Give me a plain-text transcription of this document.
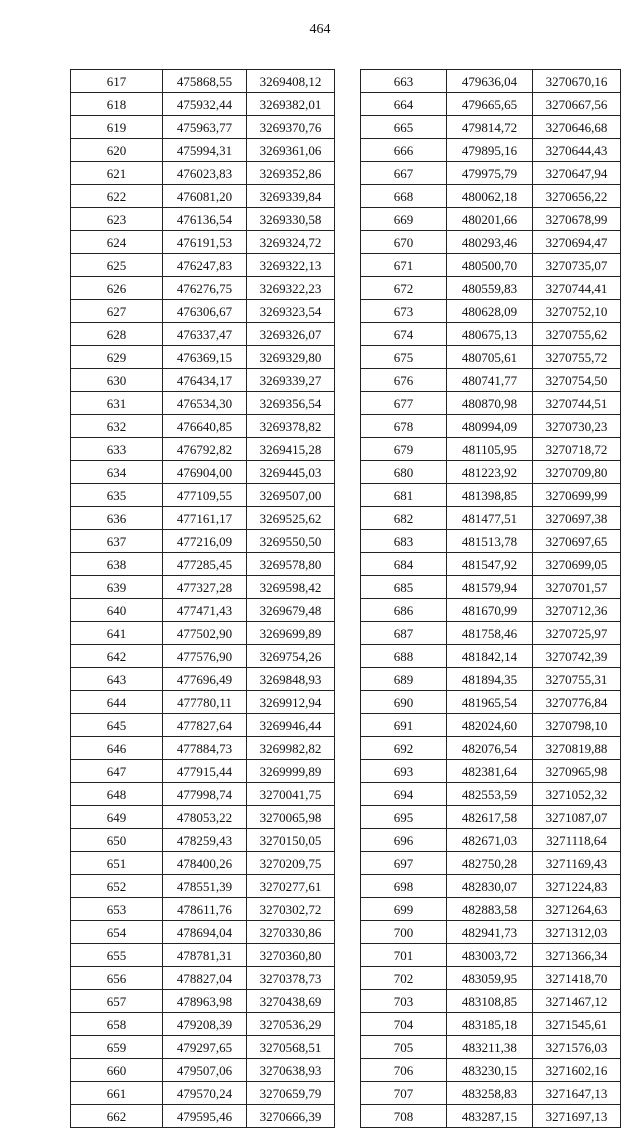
464
617	475868,55	3269408,12
618	475932,44	3269382,01
619	475963,77	3269370,76
620	475994,31	3269361,06
621	476023,83	3269352,86
622	476081,20	3269339,84
623	476136,54	3269330,58
624	476191,53	3269324,72
625	476247,83	3269322,13
626	476276,75	3269322,23
627	476306,67	3269323,54
628	476337,47	3269326,07
629	476369,15	3269329,80
630	476434,17	3269339,27
631	476534,30	3269356,54
632	476640,85	3269378,82
633	476792,82	3269415,28
634	476904,00	3269445,03
635	477109,55	3269507,00
636	477161,17	3269525,62
637	477216,09	3269550,50
638	477285,45	3269578,80
639	477327,28	3269598,42
640	477471,43	3269679,48
641	477502,90	3269699,89
642	477576,90	3269754,26
643	477696,49	3269848,93
644	477780,11	3269912,94
645	477827,64	3269946,44
646	477884,73	3269982,82
647	477915,44	3269999,89
648	477998,74	3270041,75
649	478053,22	3270065,98
650	478259,43	3270150,05
651	478400,26	3270209,75
652	478551,39	3270277,61
653	478611,76	3270302,72
654	478694,04	3270330,86
655	478781,31	3270360,80
656	478827,04	3270378,73
657	478963,98	3270438,69
658	479208,39	3270536,29
659	479297,65	3270568,51
660	479507,06	3270638,93
661	479570,24	3270659,79
662	479595,46	3270666,39
663	479636,04	3270670,16
664	479665,65	3270667,56
665	479814,72	3270646,68
666	479895,16	3270644,43
667	479975,79	3270647,94
668	480062,18	3270656,22
669	480201,66	3270678,99
670	480293,46	3270694,47
671	480500,70	3270735,07
672	480559,83	3270744,41
673	480628,09	3270752,10
674	480675,13	3270755,62
675	480705,61	3270755,72
676	480741,77	3270754,50
677	480870,98	3270744,51
678	480994,09	3270730,23
679	481105,95	3270718,72
680	481223,92	3270709,80
681	481398,85	3270699,99
682	481477,51	3270697,38
683	481513,78	3270697,65
684	481547,92	3270699,05
685	481579,94	3270701,57
686	481670,99	3270712,36
687	481758,46	3270725,97
688	481842,14	3270742,39
689	481894,35	3270755,31
690	481965,54	3270776,84
691	482024,60	3270798,10
692	482076,54	3270819,88
693	482381,64	3270965,98
694	482553,59	3271052,32
695	482617,58	3271087,07
696	482671,03	3271118,64
697	482750,28	3271169,43
698	482830,07	3271224,83
699	482883,58	3271264,63
700	482941,73	3271312,03
701	483003,72	3271366,34
702	483059,95	3271418,70
703	483108,85	3271467,12
704	483185,18	3271545,61
705	483211,38	3271576,03
706	483230,15	3271602,16
707	483258,83	3271647,13
708	483287,15	3271697,13
